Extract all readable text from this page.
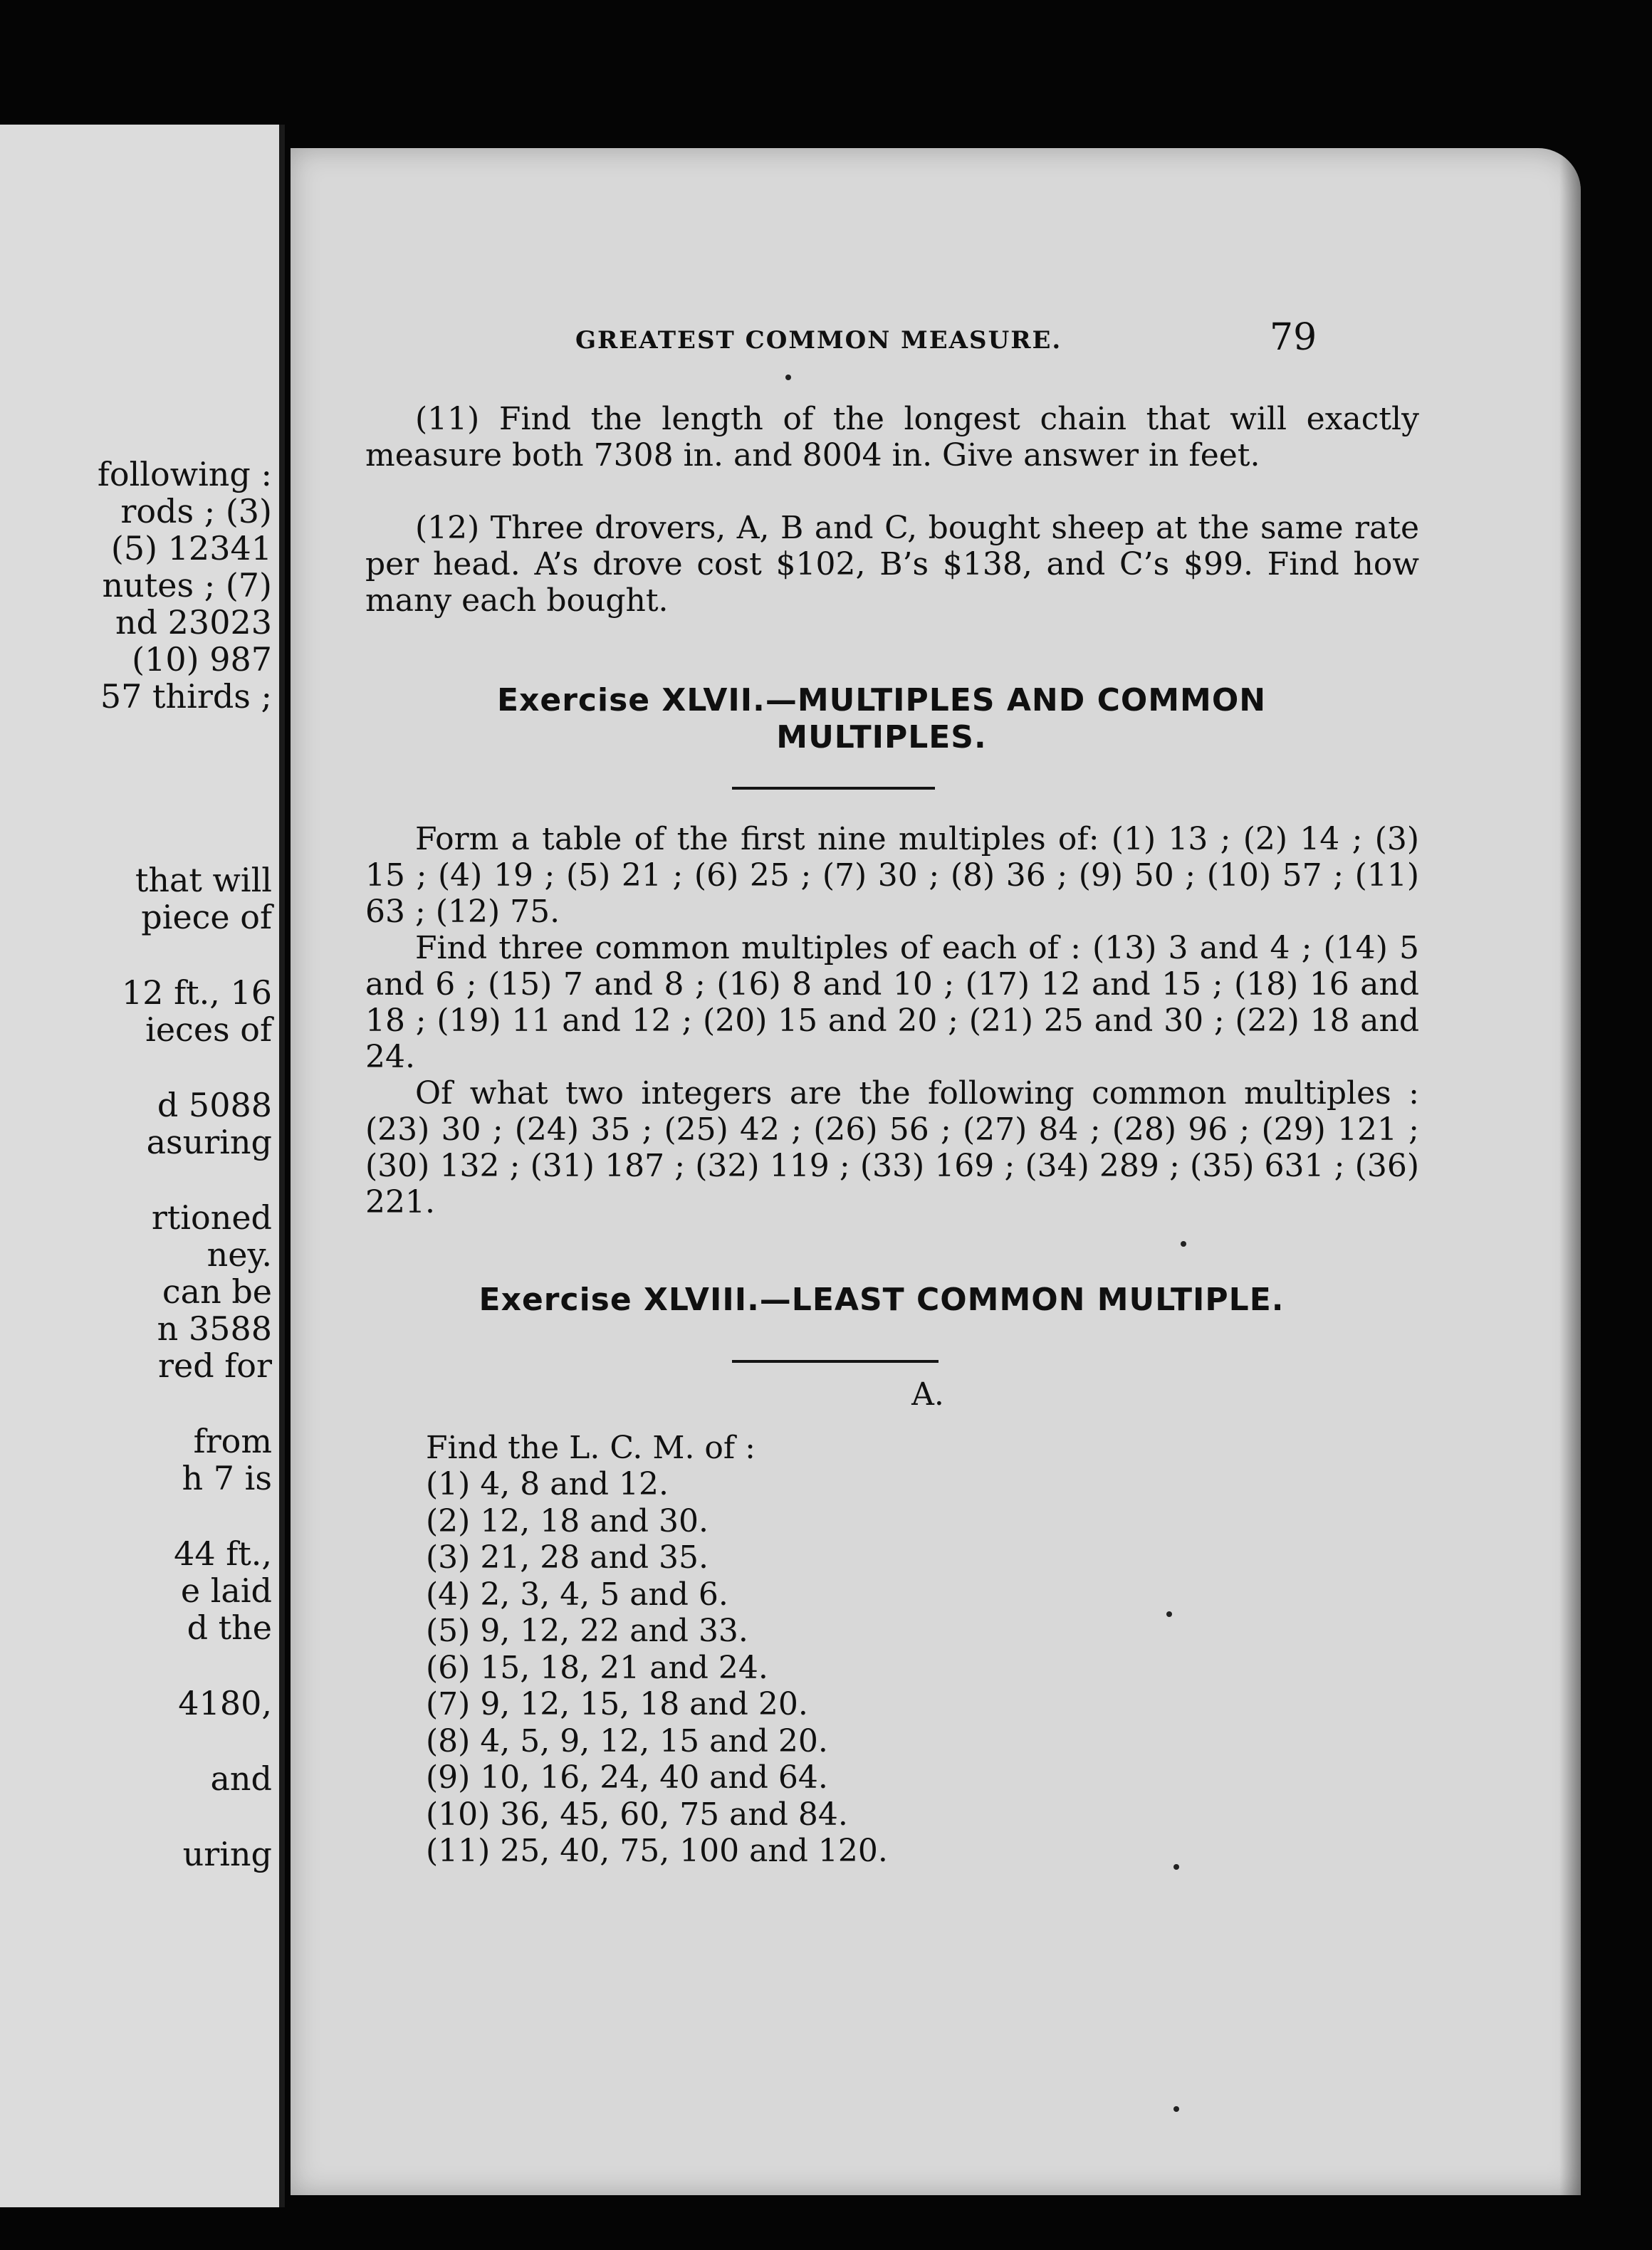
following :
rods ; (3)
(5) 12341
nutes ; (7)
nd 23023
(10) 987
57 thirds ;
that will
piece of
12 ft., 16
ieces of
d 5088
asuring
rtioned
ney.
can be
n 3588
red for
from
h 7 is
44 ft.,
e laid
d the
4180,
and
uring
GREATEST COMMON MEASURE.	79

(11) Find the length of the longest chain that will exactly measure both 7308 in. and 8004 in. Give answer in feet.

(12) Three drovers, A, B and C, bought sheep at the same rate per head. A’s drove cost $102, B’s $138, and C’s $99. Find how many each bought.

Exercise XLVII.—MULTIPLES AND COMMON MULTIPLES.

Form a table of the first nine multiples of: (1) 13 ; (2) 14 ; (3) 15 ; (4) 19 ; (5) 21 ; (6) 25 ; (7) 30 ; (8) 36 ; (9) 50 ; (10) 57 ; (11) 63 ; (12) 75.

Find three common multiples of each of : (13) 3 and 4 ; (14) 5 and 6 ; (15) 7 and 8 ; (16) 8 and 10 ; (17) 12 and 15 ; (18) 16 and 18 ; (19) 11 and 12 ; (20) 15 and 20 ; (21) 25 and 30 ; (22) 18 and 24.

Of what two integers are the following common multiples : (23) 30 ; (24) 35 ; (25) 42 ; (26) 56 ; (27) 84 ; (28) 96 ; (29) 121 ; (30) 132 ; (31) 187 ; (32) 119 ; (33) 169 ; (34) 289 ; (35) 631 ; (36) 221.

Exercise XLVIII.—LEAST COMMON MULTIPLE.
A.
Find the L. C. M. of :
(1) 4, 8 and 12.
(2) 12, 18 and 30.
(3) 21, 28 and 35.
(4) 2, 3, 4, 5 and 6.
(5) 9, 12, 22 and 33.
(6) 15, 18, 21 and 24.
(7) 9, 12, 15, 18 and 20.
(8) 4, 5, 9, 12, 15 and 20.
(9) 10, 16, 24, 40 and 64.
(10) 36, 45, 60, 75 and 84.
(11) 25, 40, 75, 100 and 120.
